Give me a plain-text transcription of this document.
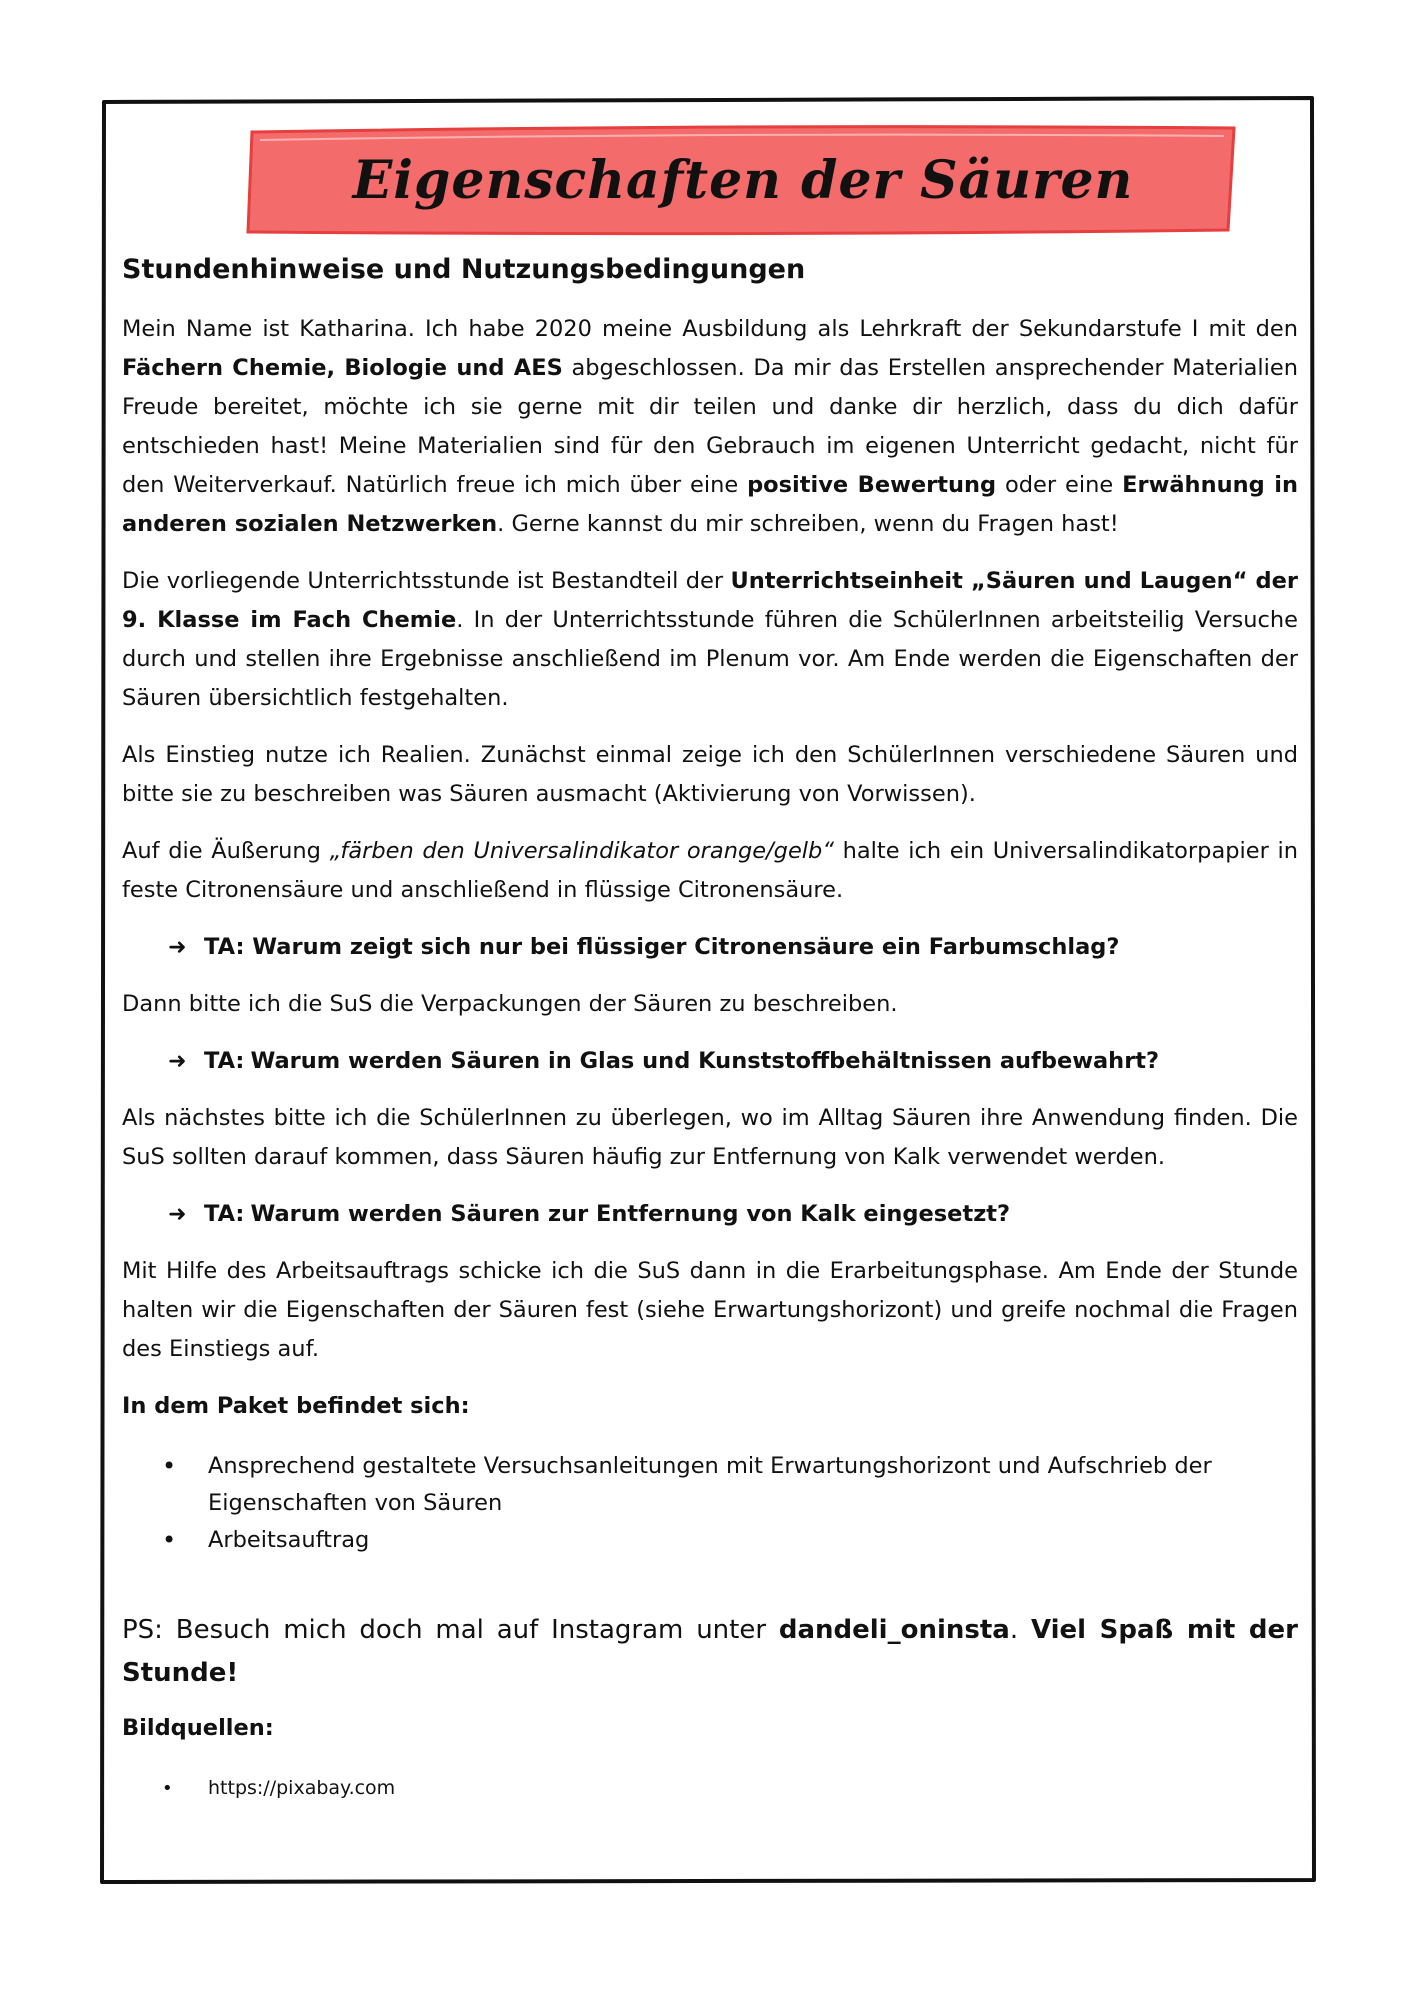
Eigenschaften der Säuren
Stundenhinweise und Nutzungsbedingungen

Mein Name ist Katharina. Ich habe 2020 meine Ausbildung als Lehrkraft der Sekundarstufe I mit den Fächern Chemie, Biologie und AES abgeschlossen. Da mir das Erstellen ansprechender Materialien Freude bereitet, möchte ich sie gerne mit dir teilen und danke dir herzlich, dass du dich dafür entschieden hast! Meine Materialien sind für den Gebrauch im eigenen Unterricht gedacht, nicht für den Weiterverkauf. Natürlich freue ich mich über eine positive Bewertung oder eine Erwähnung in anderen sozialen Netzwerken. Gerne kannst du mir schreiben, wenn du Fragen hast!

Die vorliegende Unterrichtsstunde ist Bestandteil der Unterrichtseinheit „Säuren und Laugen“ der 9. Klasse im Fach Chemie. In der Unterrichtsstunde führen die SchülerInnen arbeitsteilig Versuche durch und stellen ihre Ergebnisse anschließend im Plenum vor. Am Ende werden die Eigenschaften der Säuren übersichtlich festgehalten.

Als Einstieg nutze ich Realien. Zunächst einmal zeige ich den SchülerInnen verschiedene Säuren und bitte sie zu beschreiben was Säuren ausmacht (Aktivierung von Vorwissen).

Auf die Äußerung „färben den Universalindikator orange/gelb“ halte ich ein Universalindikatorpapier in feste Citronensäure und anschließend in flüssige Citronensäure.

➜ TA: Warum zeigt sich nur bei flüssiger Citronensäure ein Farbumschlag?

Dann bitte ich die SuS die Verpackungen der Säuren zu beschreiben.

➜ TA: Warum werden Säuren in Glas und Kunststoffbehältnissen aufbewahrt?

Als nächstes bitte ich die SchülerInnen zu überlegen, wo im Alltag Säuren ihre Anwendung finden. Die SuS sollten darauf kommen, dass Säuren häufig zur Entfernung von Kalk verwendet werden.

➜ TA: Warum werden Säuren zur Entfernung von Kalk eingesetzt?

Mit Hilfe des Arbeitsauftrags schicke ich die SuS dann in die Erarbeitungsphase. Am Ende der Stunde halten wir die Eigenschaften der Säuren fest (siehe Erwartungshorizont) und greife nochmal die Fragen des Einstiegs auf.

In dem Paket befindet sich:
• Ansprechend gestaltete Versuchsanleitungen mit Erwartungshorizont und Aufschrieb der Eigenschaften von Säuren
• Arbeitsauftrag

PS: Besuch mich doch mal auf Instagram unter dandeli_oninsta. Viel Spaß mit der Stunde!

Bildquellen:
• https://pixabay.com
